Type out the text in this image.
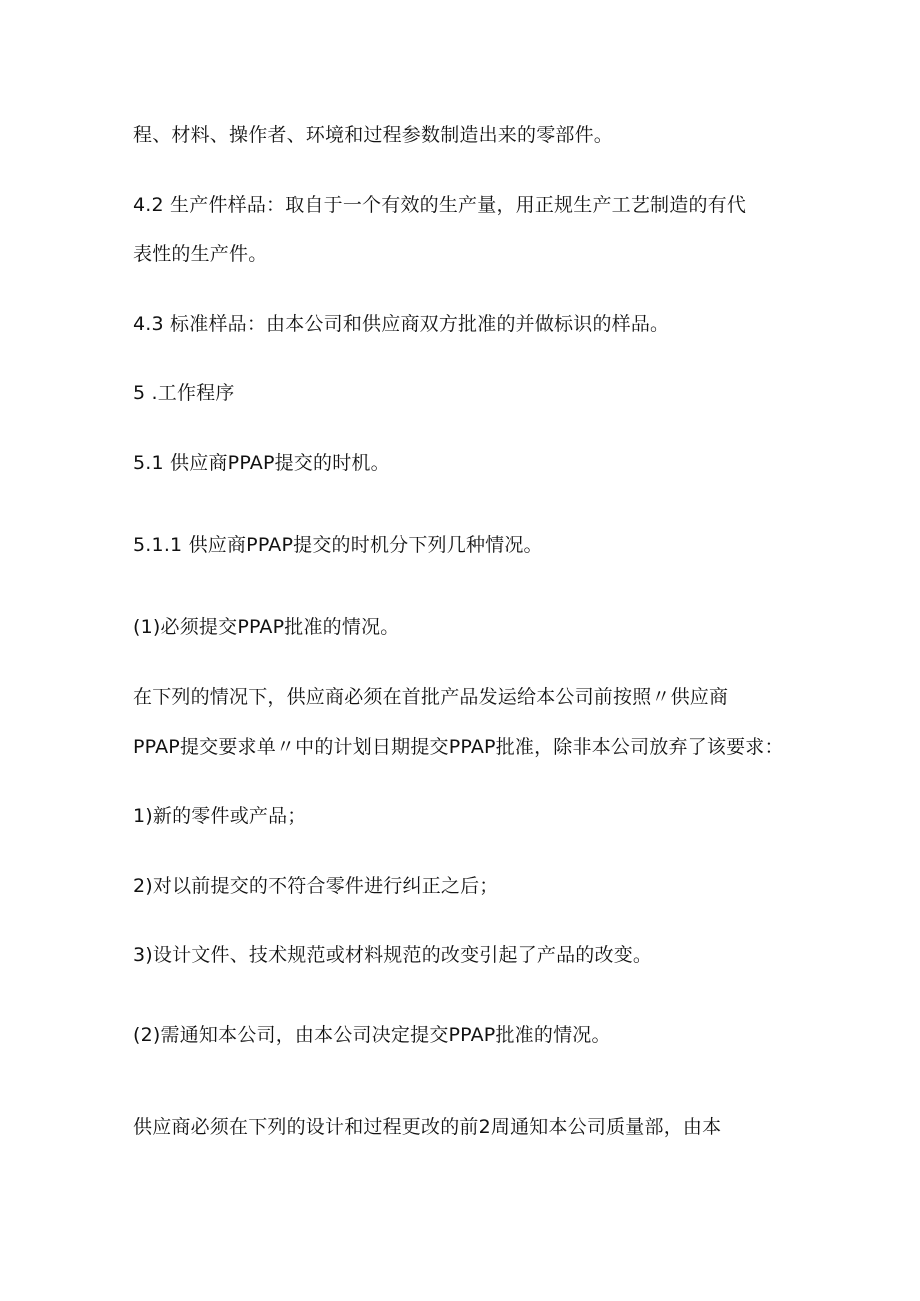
程、材料、操作者、环境和过程参数制造出来的零部件。
4.2 生产件样品：取自于一个有效的生产量，用正规生产工艺制造的有代
表性的生产件。
4.3 标准样品：由本公司和供应商双方批准的并做标识的样品。
5 .工作程序
5.1 供应商PPAP提交的时机。
5.1.1 供应商PPAP提交的时机分下列几种情况。
(1)必须提交PPAP批准的情况。
在下列的情况下，供应商必须在首批产品发运给本公司前按照〃供应商
PPAP提交要求单〃中的计划日期提交PPAP批准，除非本公司放弃了该要求：
1)新的零件或产品；
2)对以前提交的不符合零件进行纠正之后；
3)设计文件、技术规范或材料规范的改变引起了产品的改变。
(2)需通知本公司，由本公司决定提交PPAP批准的情况。
供应商必须在下列的设计和过程更改的前2周通知本公司质量部，由本
